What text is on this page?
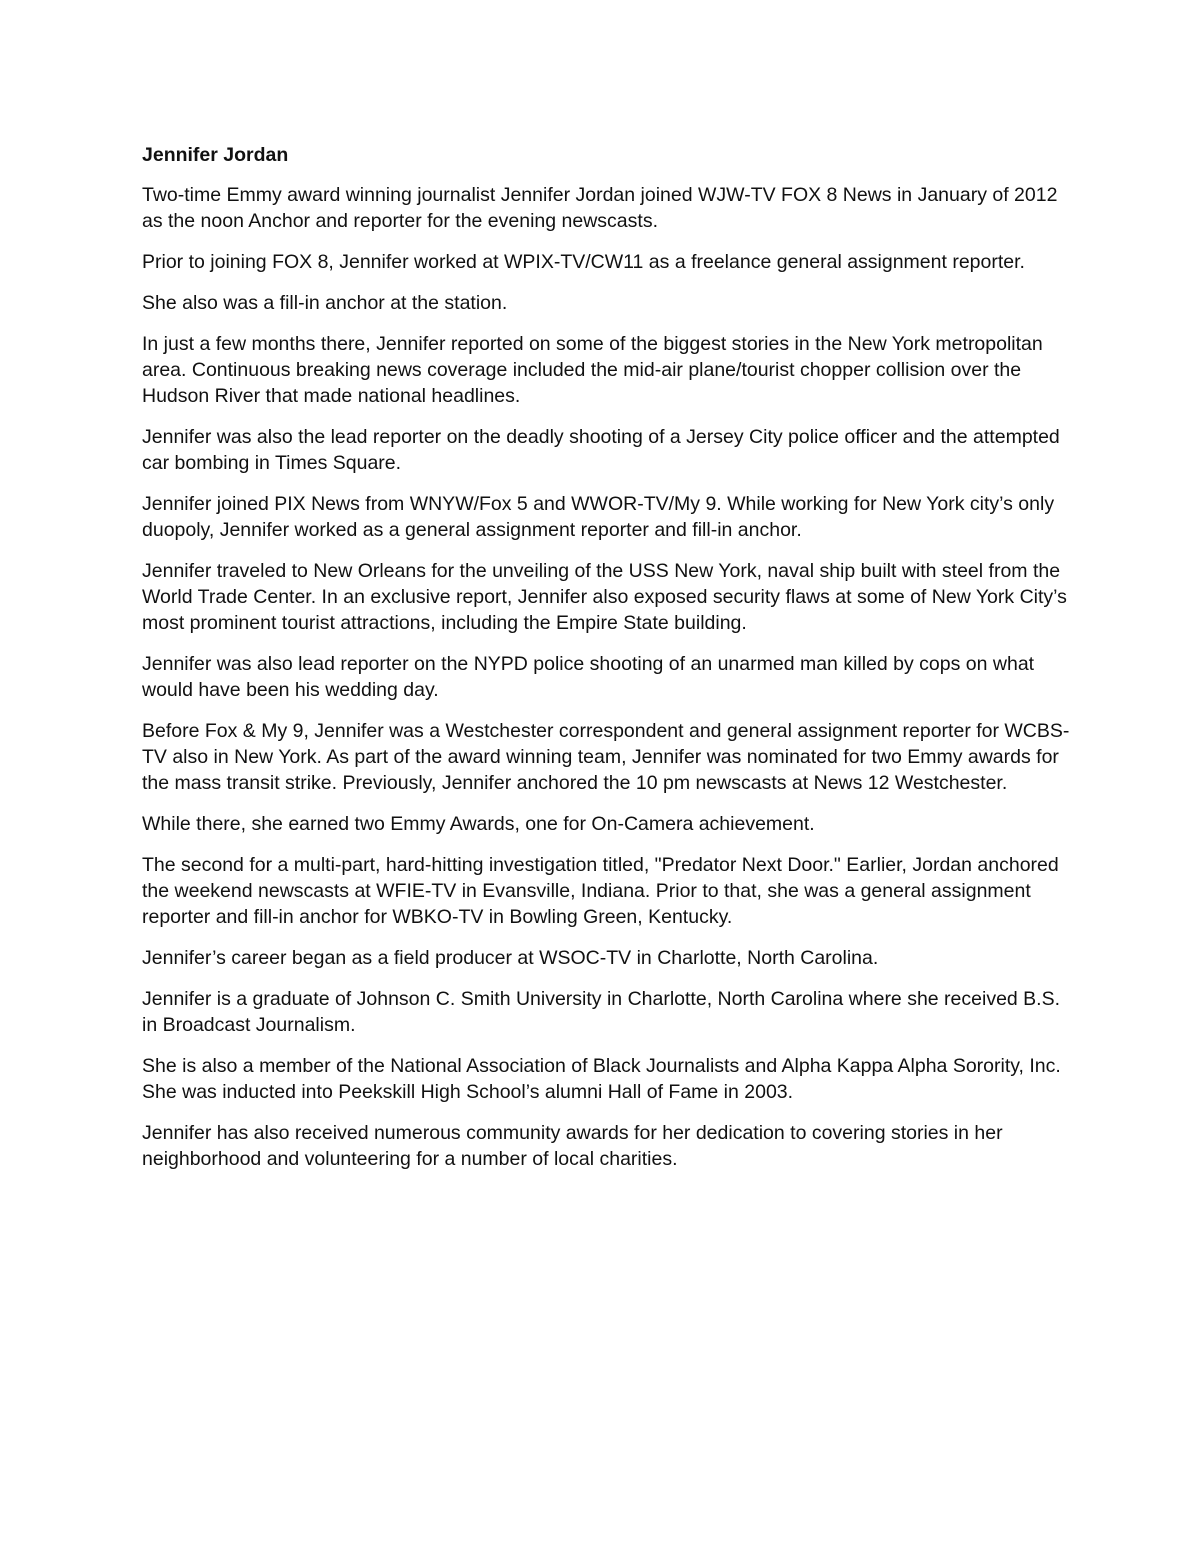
Jennifer Jordan

Two-time Emmy award winning journalist Jennifer Jordan joined WJW-TV FOX 8 News in January of 2012 as the noon Anchor and reporter for the evening newscasts.

Prior to joining FOX 8, Jennifer worked at WPIX-TV/CW11 as a freelance general assignment reporter.

She also was a fill-in anchor at the station.

In just a few months there, Jennifer reported on some of the biggest stories in the New York metropolitan area. Continuous breaking news coverage included the mid-air plane/tourist chopper collision over the Hudson River that made national headlines.

Jennifer was also the lead reporter on the deadly shooting of a Jersey City police officer and the attempted car bombing in Times Square.

Jennifer joined PIX News from WNYW/Fox 5 and WWOR-TV/My 9. While working for New York city’s only duopoly, Jennifer worked as a general assignment reporter and fill-in anchor.

Jennifer traveled to New Orleans for the unveiling of the USS New York, naval ship built with steel from the World Trade Center. In an exclusive report, Jennifer also exposed security flaws at some of New York City’s most prominent tourist attractions, including the Empire State building.

Jennifer was also lead reporter on the NYPD police shooting of an unarmed man killed by cops on what would have been his wedding day.

Before Fox & My 9, Jennifer was a Westchester correspondent and general assignment reporter for WCBS-TV also in New York. As part of the award winning team, Jennifer was nominated for two Emmy awards for the mass transit strike. Previously, Jennifer anchored the 10 pm newscasts at News 12 Westchester.

While there, she earned two Emmy Awards, one for On-Camera achievement.

The second for a multi-part, hard-hitting investigation titled, "Predator Next Door." Earlier, Jordan anchored the weekend newscasts at WFIE-TV in Evansville, Indiana. Prior to that, she was a general assignment reporter and fill-in anchor for WBKO-TV in Bowling Green, Kentucky.

Jennifer’s career began as a field producer at WSOC-TV in Charlotte, North Carolina.

Jennifer is a graduate of Johnson C. Smith University in Charlotte, North Carolina where she received B.S. in Broadcast Journalism.

She is also a member of the National Association of Black Journalists and Alpha Kappa Alpha Sorority, Inc. She was inducted into Peekskill High School’s alumni Hall of Fame in 2003.

Jennifer has also received numerous community awards for her dedication to covering stories in her neighborhood and volunteering for a number of local charities.
